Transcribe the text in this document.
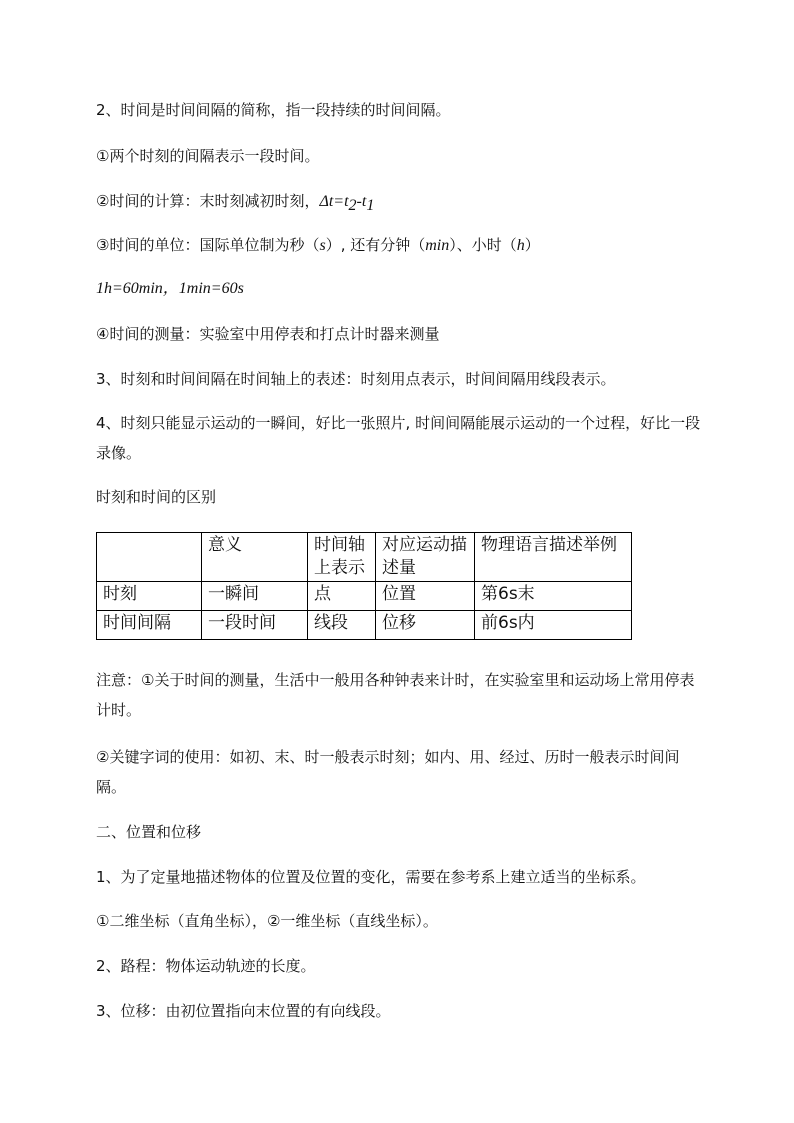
2、时间是时间间隔的简称，指一段持续的时间间隔。
①两个时刻的间隔表示一段时间。
②时间的计算：末时刻减初时刻，$\Delta t=t_2-t_1$
③时间的单位：国际单位制为秒（s）, 还有分钟（min）、小时（h）
1h=60min，1min=60s
④时间的测量：实验室中用停表和打点计时器来测量
3、时刻和时间间隔在时间轴上的表述：时刻用点表示，时间间隔用线段表示。
4、时刻只能显示运动的一瞬间，好比一张照片, 时间间隔能展示运动的一个过程，好比一段录像。
时刻和时间的区别
	意义	时间轴上表示	对应运动描述量	物理语言描述举例
时刻	一瞬间	点	位置	第6s末
时间间隔	一段时间	线段	位移	前6s内
注意：①关于时间的测量，生活中一般用各种钟表来计时，在实验室里和运动场上常用停表计时。
②关键字词的使用：如初、末、时一般表示时刻；如内、用、经过、历时一般表示时间间隔。
二、位置和位移
1、为了定量地描述物体的位置及位置的变化，需要在参考系上建立适当的坐标系。
①二维坐标（直角坐标），②一维坐标（直线坐标）。
2、路程：物体运动轨迹的长度。
3、位移：由初位置指向末位置的有向线段。
